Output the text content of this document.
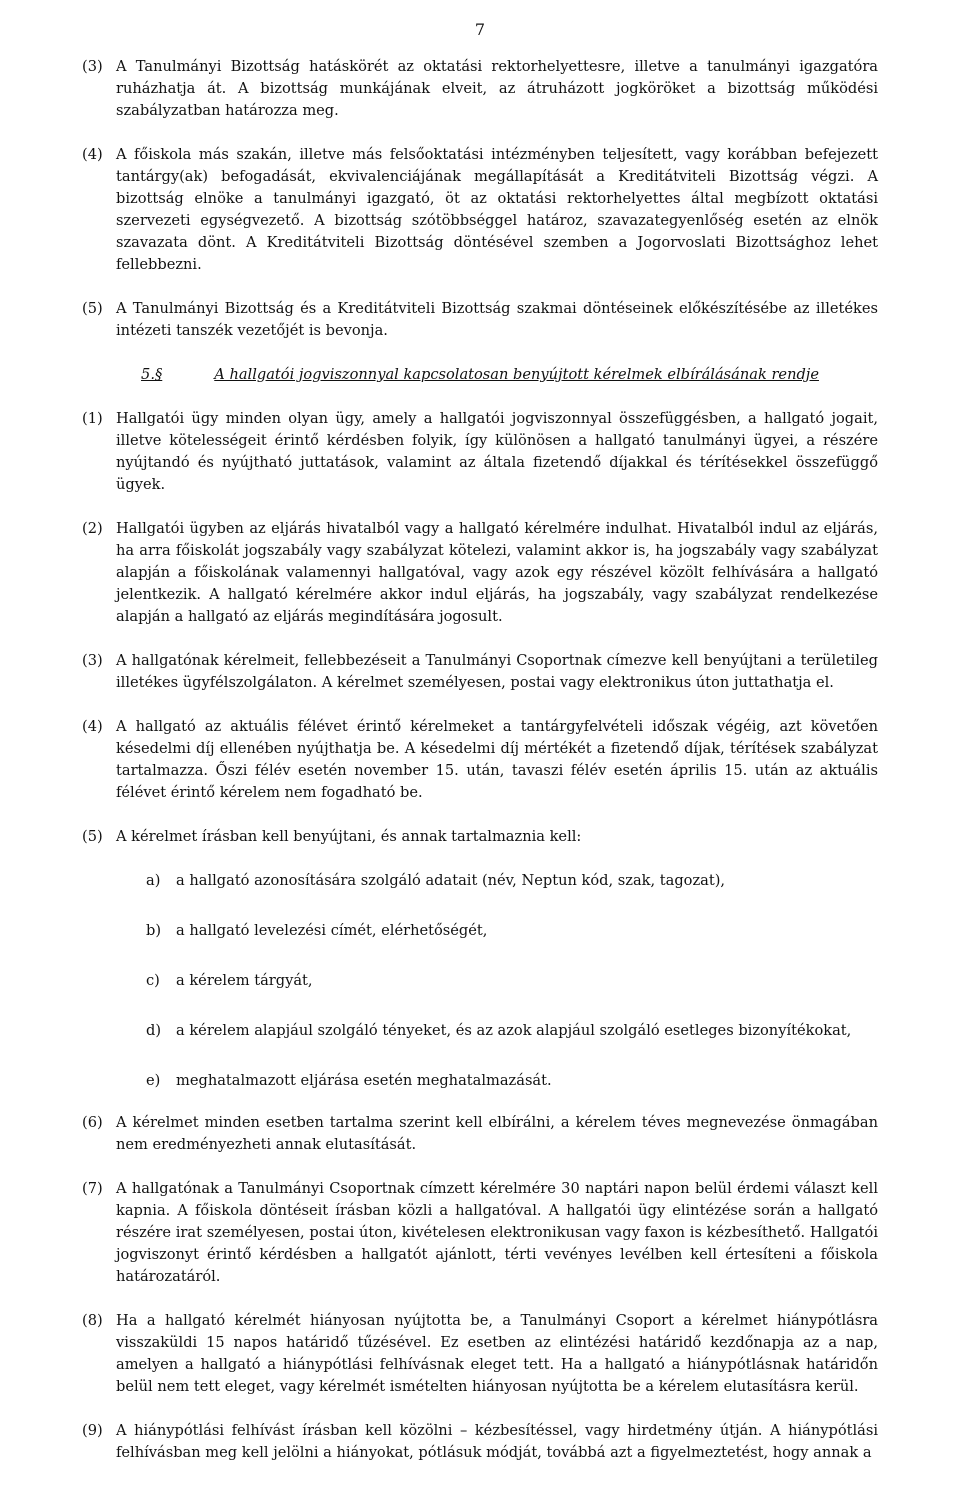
7
(3) A Tanulmányi Bizottság hatáskörét az oktatási rektorhelyettesre, illetve a tanulmányi igazgatóra ruházhatja át. A bizottság munkájának elveit, az átruházott jogköröket a bizottság működési szabályzatban határozza meg.
(4) A főiskola más szakán, illetve más felsőoktatási intézményben teljesített, vagy korábban befejezett tantárgy(ak) befogadását, ekvivalenciájának megállapítását a Kreditátviteli Bizottság végzi. A bizottság elnöke a tanulmányi igazgató, öt az oktatási rektorhelyettes által megbízott oktatási szervezeti egységvezető. A bizottság szótöbbséggel határoz, szavazategyenlőség esetén az elnök szavazata dönt. A Kreditátviteli Bizottság döntésével szemben a Jogorvoslati Bizottsághoz lehet fellebbezni.
(5) A Tanulmányi Bizottság és a Kreditátviteli Bizottság szakmai döntéseinek előkészítésébe az illetékes intézeti tanszék vezetőjét is bevonja.
5.§	A hallgatói jogviszonnyal kapcsolatosan benyújtott kérelmek elbírálásának rendje
(1) Hallgatói ügy minden olyan ügy, amely a hallgatói jogviszonnyal összefüggésben, a hallgató jogait, illetve kötelességeit érintő kérdésben folyik, így különösen a hallgató tanulmányi ügyei, a részére nyújtandó és nyújtható juttatások, valamint az általa fizetendő díjakkal és térítésekkel összefüggő ügyek.
(2) Hallgatói ügyben az eljárás hivatalból vagy a hallgató kérelmére indulhat. Hivatalból indul az eljárás, ha arra főiskolát jogszabály vagy szabályzat kötelezi, valamint akkor is, ha jogszabály vagy szabályzat alapján a főiskolának valamennyi hallgatóval, vagy azok egy részével közölt felhívására a hallgató jelentkezik. A hallgató kérelmére akkor indul eljárás, ha jogszabály, vagy szabályzat rendelkezése alapján a hallgató az eljárás megindítására jogosult.
(3) A hallgatónak kérelmeit, fellebbezéseit a Tanulmányi Csoportnak címezve kell benyújtani a területileg illetékes ügyfélszolgálaton. A kérelmet személyesen, postai vagy elektronikus úton juttathatja el.
(4) A hallgató az aktuális félévet érintő kérelmeket a tantárgyfelvételi időszak végéig, azt követően késedelmi díj ellenében nyújthatja be. A késedelmi díj mértékét a fizetendő díjak, térítések szabályzat tartalmazza. Őszi félév esetén november 15. után, tavaszi félév esetén április 15. után az aktuális félévet érintő kérelem nem fogadható be.
(5) A kérelmet írásban kell benyújtani, és annak tartalmaznia kell:
a)	a hallgató azonosítására szolgáló adatait (név, Neptun kód, szak, tagozat),
b)	a hallgató levelezési címét, elérhetőségét,
c)	a kérelem tárgyát,
d)	a kérelem alapjául szolgáló tényeket, és az azok alapjául szolgáló esetleges bizonyítékokat,
e)	meghatalmazott eljárása esetén meghatalmazását.
(6) A kérelmet minden esetben tartalma szerint kell elbírálni, a kérelem téves megnevezése önmagában nem eredményezheti annak elutasítását.
(7) A hallgatónak a Tanulmányi Csoportnak címzett kérelmére 30 naptári napon belül érdemi választ kell kapnia. A főiskola döntéseit írásban közli a hallgatóval. A hallgatói ügy elintézése során a hallgató részére irat személyesen, postai úton, kivételesen elektronikusan vagy faxon is kézbesíthető. Hallgatói jogviszonyt érintő kérdésben a hallgatót ajánlott, térti vevényes levélben kell értesíteni a főiskola határozatáról.
(8) Ha a hallgató kérelmét hiányosan nyújtotta be, a Tanulmányi Csoport a kérelmet hiánypótlásra visszaküldi 15 napos határidő tűzésével. Ez esetben az elintézési határidő kezdőnapja az a nap, amelyen a hallgató a hiánypótlási felhívásnak eleget tett. Ha a hallgató a hiánypótlásnak határidőn belül nem tett eleget, vagy kérelmét ismételten hiányosan nyújtotta be a kérelem elutasításra kerül.
(9) A hiánypótlási felhívást írásban kell közölni – kézbesítéssel, vagy hirdetmény útján. A hiánypótlási felhívásban meg kell jelölni a hiányokat, pótlásuk módját, továbbá azt a figyelmeztetést, hogy annak a
